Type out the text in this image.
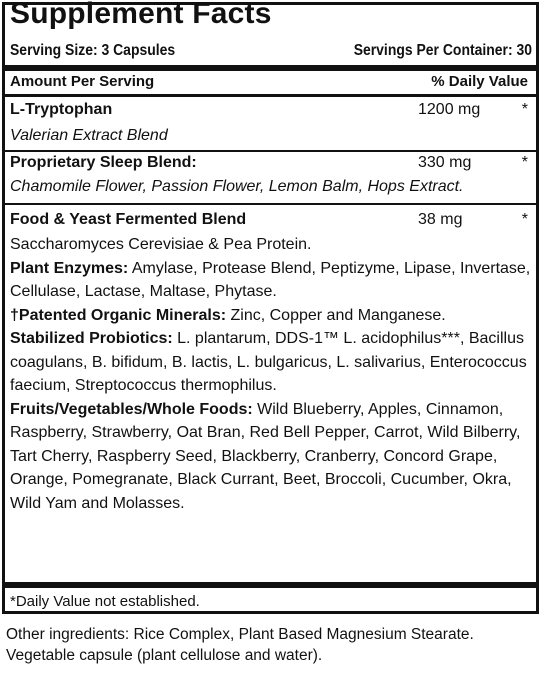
Supplement Facts
Serving Size: 3 Capsules	Servings Per Container: 30
Amount Per Serving	% Daily Value
L-Tryptophan	1200 mg	*
Valerian Extract Blend
Proprietary Sleep Blend:	330 mg	*
Chamomile Flower, Passion Flower, Lemon Balm, Hops Extract.
Food & Yeast Fermented Blend	38 mg	*

Saccharomyces Cerevisiae & Pea Protein.

Plant Enzymes: Amylase, Protease Blend, Peptizyme, Lipase, Invertase, Cellulase, Lactase, Maltase, Phytase.

†Patented Organic Minerals: Zinc, Copper and Manganese.

Stabilized Probiotics: L. plantarum, DDS-1™ L. acidophilus***, Bacillus coagulans, B. bifidum, B. lactis, L. bulgaricus, L. salivarius, Enterococcus faecium, Streptococcus thermophilus.

Fruits/Vegetables/Whole Foods: Wild Blueberry, Apples, Cinnamon, Raspberry, Strawberry, Oat Bran, Red Bell Pepper, Carrot, Wild Bilberry, Tart Cherry, Raspberry Seed, Blackberry, Cranberry, Concord Grape, Orange, Pomegranate, Black Currant, Beet, Broccoli, Cucumber, Okra, Wild Yam and Molasses.

*Daily Value not established.
Other ingredients: Rice Complex, Plant Based Magnesium Stearate. Vegetable capsule (plant cellulose and water).
